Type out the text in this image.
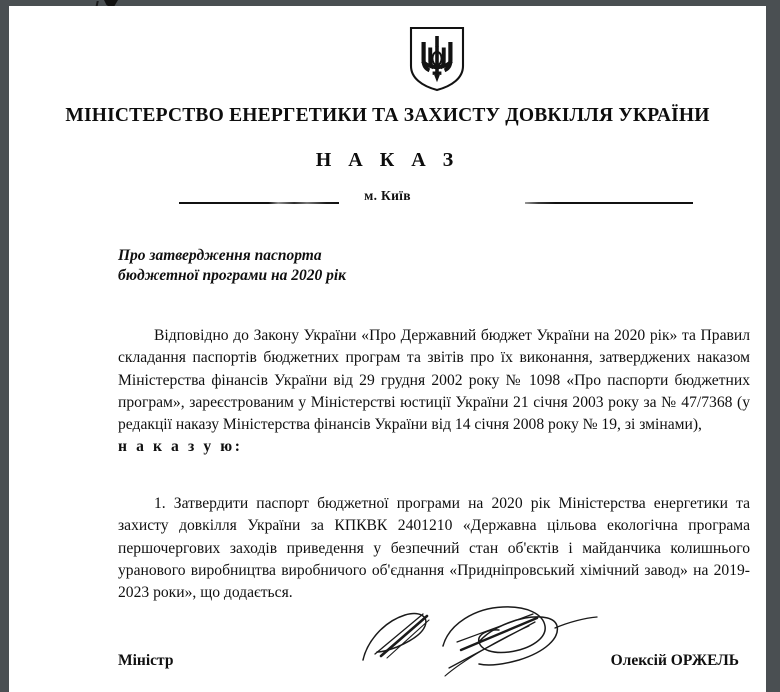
МІНІСТЕРСТВО ЕНЕРГЕТИКИ ТА ЗАХИСТУ ДОВКІЛЛЯ УКРАЇНИ
Н А К А З
м. Київ
Про затвердження паспорта
бюджетної програми на 2020 рік

Відповідно до Закону України «Про Державний бюджет України на 2020 рік» та Правил складання паспортів бюджетних програм та звітів про їх виконання, затверджених наказом Міністерства фінансів України від 29 грудня 2002 року № 1098 «Про паспорти бюджетних програм», зареєстрованим у Міністерстві юстиції України 21 січня 2003 року за № 47/7368 (у редакції наказу Міністерства фінансів України від 14 січня 2008 року № 19, зі змінами),

н а к а з у ю:

1. Затвердити паспорт бюджетної програми на 2020 рік Міністерства енергетики та захисту довкілля України за КПКВК 2401210 «Державна цільова екологічна програма першочергових заходів приведення у безпечний стан об'єктів і майданчика колишнього уранового виробництва виробничого об'єднання «Придніпровський хімічний завод» на 2019-2023 роки», що додається.

Міністр	Олексій ОРЖЕЛЬ
